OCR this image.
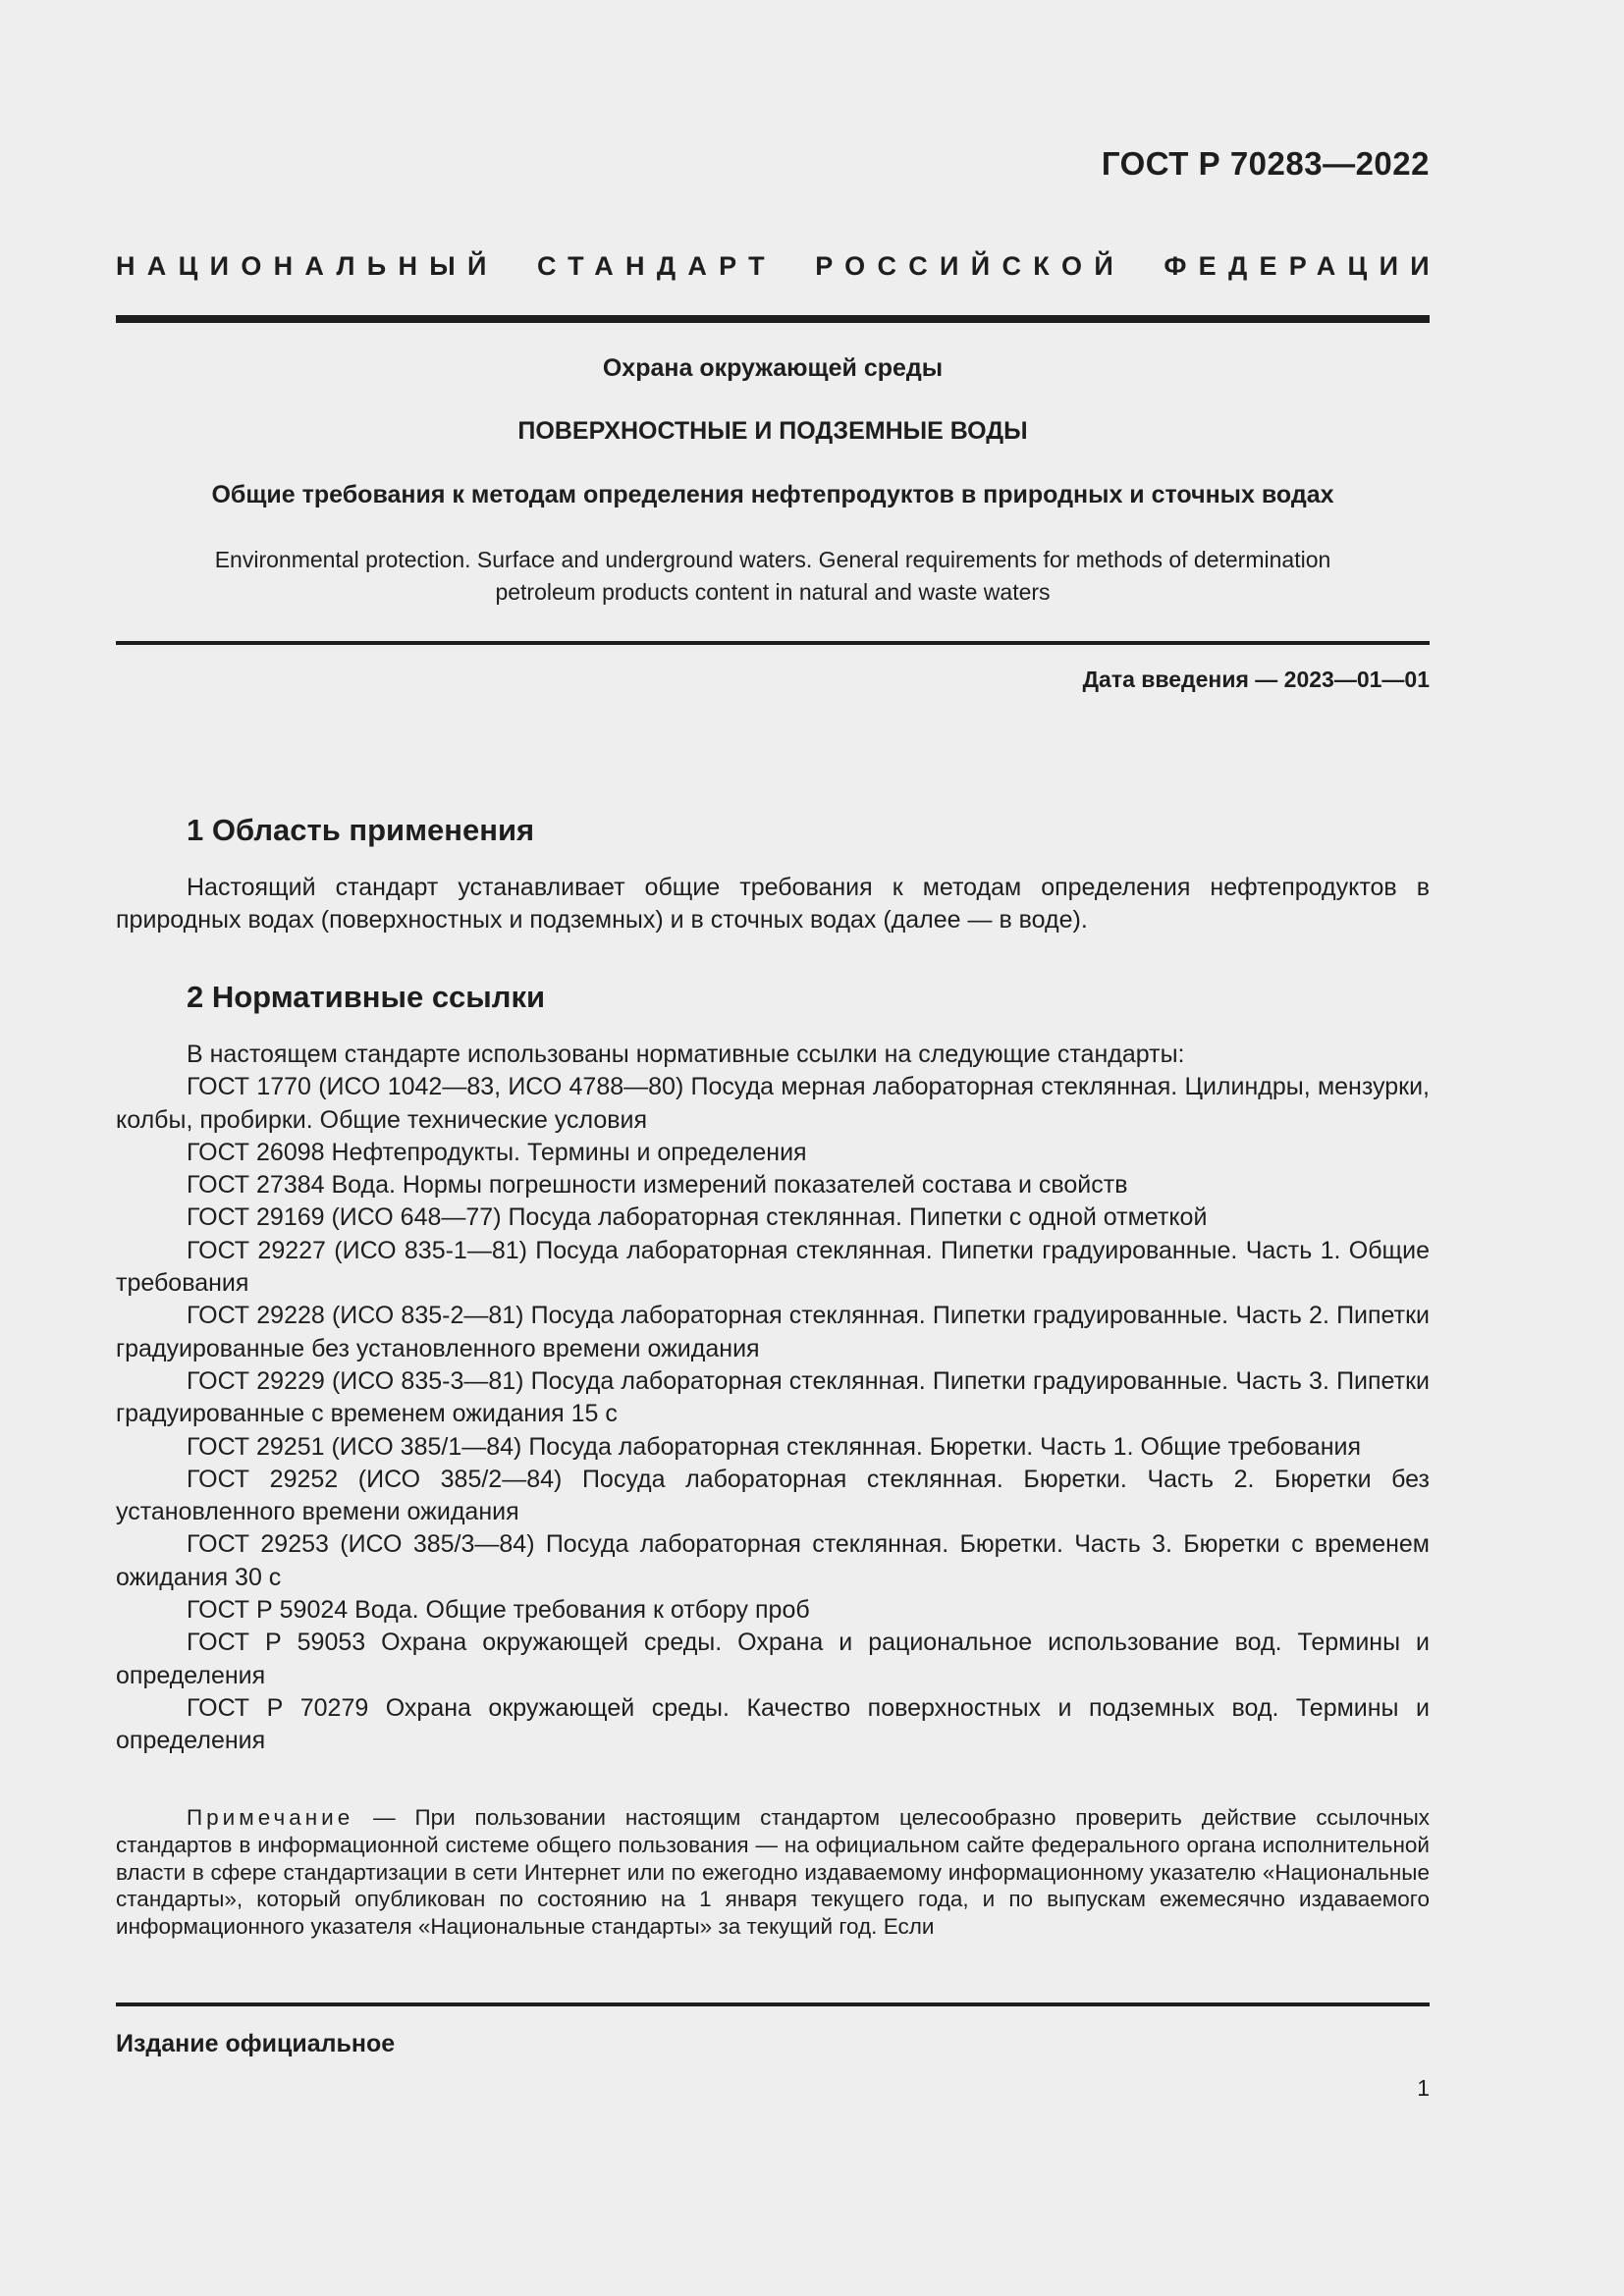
ГОСТ Р 70283—2022
НАЦИОНАЛЬНЫЙ СТАНДАРТ РОССИЙСКОЙ ФЕДЕРАЦИИ
Охрана окружающей среды
ПОВЕРХНОСТНЫЕ И ПОДЗЕМНЫЕ ВОДЫ
Общие требования к методам определения нефтепродуктов в природных и сточных водах
Environmental protection. Surface and underground waters. General requirements for methods of determination petroleum products content in natural and waste waters
Дата введения — 2023—01—01
1 Область применения

Настоящий стандарт устанавливает общие требования к методам определения нефтепродуктов в природных водах (поверхностных и подземных) и в сточных водах (далее — в воде).

2 Нормативные ссылки

В настоящем стандарте использованы нормативные ссылки на следующие стандарты:

ГОСТ 1770 (ИСО 1042—83, ИСО 4788—80) Посуда мерная лабораторная стеклянная. Цилиндры, мензурки, колбы, пробирки. Общие технические условия

ГОСТ 26098 Нефтепродукты. Термины и определения

ГОСТ 27384 Вода. Нормы погрешности измерений показателей состава и свойств

ГОСТ 29169 (ИСО 648—77) Посуда лабораторная стеклянная. Пипетки с одной отметкой

ГОСТ 29227 (ИСО 835-1—81) Посуда лабораторная стеклянная. Пипетки градуированные. Часть 1. Общие требования

ГОСТ 29228 (ИСО 835-2—81) Посуда лабораторная стеклянная. Пипетки градуированные. Часть 2. Пипетки градуированные без установленного времени ожидания

ГОСТ 29229 (ИСО 835-3—81) Посуда лабораторная стеклянная. Пипетки градуированные. Часть 3. Пипетки градуированные с временем ожидания 15 с

ГОСТ 29251 (ИСО 385/1—84) Посуда лабораторная стеклянная. Бюретки. Часть 1. Общие требования

ГОСТ 29252 (ИСО 385/2—84) Посуда лабораторная стеклянная. Бюретки. Часть 2. Бюретки без установленного времени ожидания

ГОСТ 29253 (ИСО 385/3—84) Посуда лабораторная стеклянная. Бюретки. Часть 3. Бюретки с временем ожидания 30 с

ГОСТ Р 59024 Вода. Общие требования к отбору проб

ГОСТ Р 59053 Охрана окружающей среды. Охрана и рациональное использование вод. Термины и определения

ГОСТ Р 70279 Охрана окружающей среды. Качество поверхностных и подземных вод. Термины и определения

Примечание — При пользовании настоящим стандартом целесообразно проверить действие ссылочных стандартов в информационной системе общего пользования — на официальном сайте федерального органа исполнительной власти в сфере стандартизации в сети Интернет или по ежегодно издаваемому информационному указателю «Национальные стандарты», который опубликован по состоянию на 1 января текущего года, и по выпускам ежемесячно издаваемого информационного указателя «Национальные стандарты» за текущий год. Если
Издание официальное
1
